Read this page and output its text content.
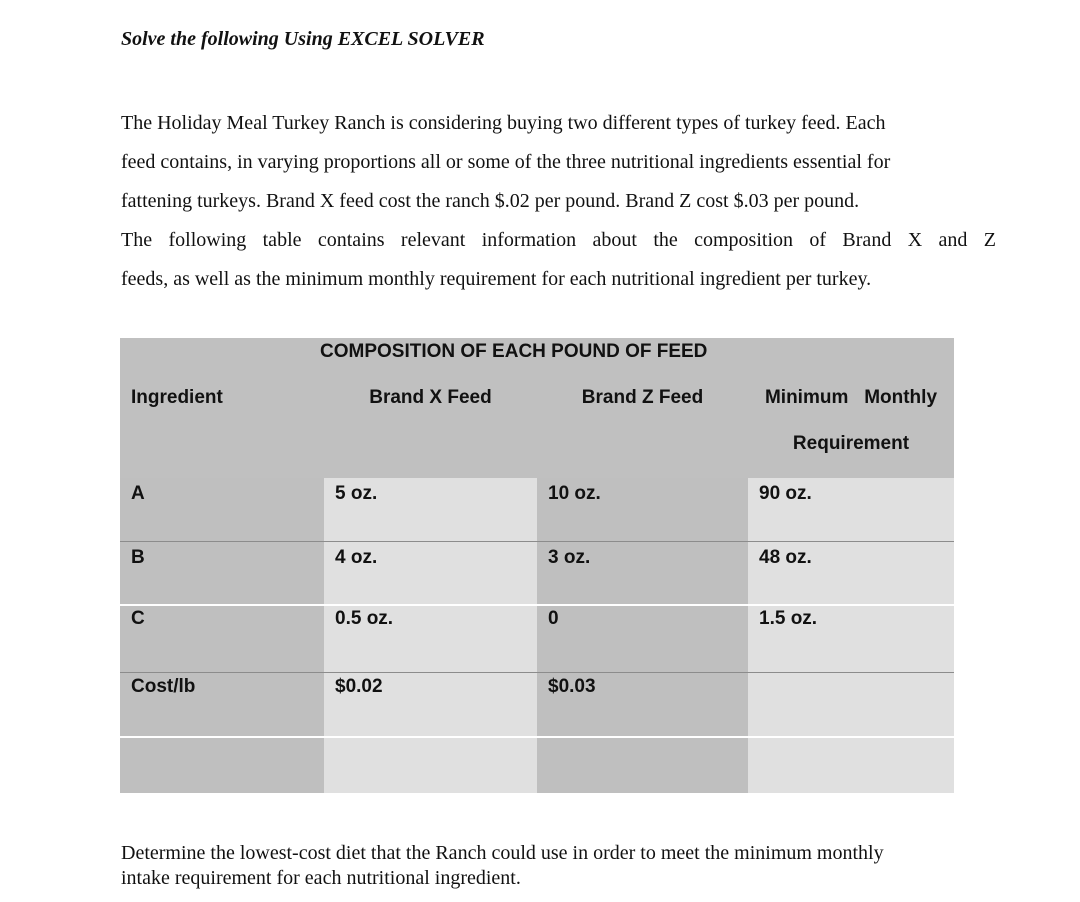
Solve the following Using EXCEL SOLVER
The Holiday Meal Turkey Ranch is considering buying two different types of turkey feed. Each
feed contains, in varying proportions all or some of the three nutritional ingredients essential for
fattening turkeys. Brand X feed cost the ranch $.02 per pound. Brand Z cost $.03 per pound.
The following table contains relevant information about the composition of Brand X and Z
feeds, as well as the minimum monthly requirement for each nutritional ingredient per turkey.
COMPOSITION OF EACH POUND OF FEED
Ingredient	Brand X Feed	Brand Z Feed	Minimum   Monthly
Requirement
A	5 oz.	10 oz.	90 oz.
B	4 oz.	3 oz.	48 oz.
C	0.5 oz.	0	1.5 oz.
Cost/lb	$0.02	$0.03
Determine the lowest-cost diet that the Ranch could use in order to meet the minimum monthly
intake requirement for each nutritional ingredient.
